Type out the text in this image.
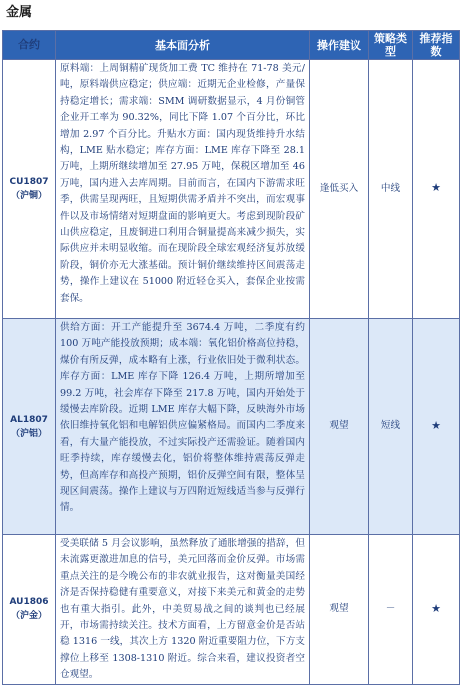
金属
合约	基本面分析	操作建议	策略类型	推荐指数

CU1807
（沪铜）	原料端：上周铜精矿现货加工费 TC 维持在 71-78 美元/吨，原料端供应稳定；供应端：近期无企业检修，产量保持稳定增长；需求端：SMM 调研数据显示，4 月份铜管企业开工率为 90.32%，同比下降 1.07 个百分比，环比增加 2.97 个百分比。升贴水方面：国内现货维持升水结构，LME 贴水稳定；库存方面：LME 库存下降至 28.1 万吨，上期所继续增加至 27.95 万吨，保税区增加至 46 万吨，国内进入去库周期。目前而言，在国内下游需求旺季，供需呈现两旺，且短期供需矛盾并不突出，而宏观事件以及市场情绪对短期盘面的影响更大。考虑到现阶段矿山供应稳定，且废铜进口利用合铜量提高来减少损失，实际供应并未明显收缩。而在现阶段全球宏观经济复苏放缓阶段，铜价亦无大涨基础。预计铜价继续维持区间震荡走势，操作上建议在 51000 附近轻仓买入，套保企业按需套保。	逢低买入	中线	★

AL1807
（沪铝）	供给方面：开工产能提升至 3674.4 万吨，二季度有约 100 万吨产能投放预期；成本端：氧化铝价格高位持稳，煤价有所反弹，成本略有上涨，行业依旧处于微利状态。库存方面：LME 库存下降 126.4 万吨，上期所增加至 99.2 万吨，社会库存下降至 217.8 万吨，国内开始处于缓慢去库阶段。近期 LME 库存大幅下降，反映海外市场依旧维持氧化铝和电解铝供应偏紧格局。而国内二季度来看，有大量产能投放，不过实际投产还需验证。随着国内旺季持续，库存缓慢去化，铝价将整体维持震荡反弹走势，但高库存和高投产预期，铝价反弹空间有限，整体呈现区间震荡。操作上建议与万四附近短线适当参与反弹行情。	观望	短线	★

AU1806
（沪金）	受美联储 5 月会议影响，虽然释放了通胀增强的措辞，但未流露更激进加息的信号，美元回落而金价反弹。市场需重点关注的是今晚公布的非农就业报告，这对衡量美国经济是否保持稳健有重要意义，对接下来美元和黄金的走势也有重大指引。此外，中美贸易战之间的谈判也已经展开，市场需持续关注。技术方面看，上方留意金价是否站稳 1316 一线，其次上方 1320 附近重要阻力位，下方支撑位上移至 1308-1310 附近。综合来看，建议投资者空仓观望。	观望	－	★
